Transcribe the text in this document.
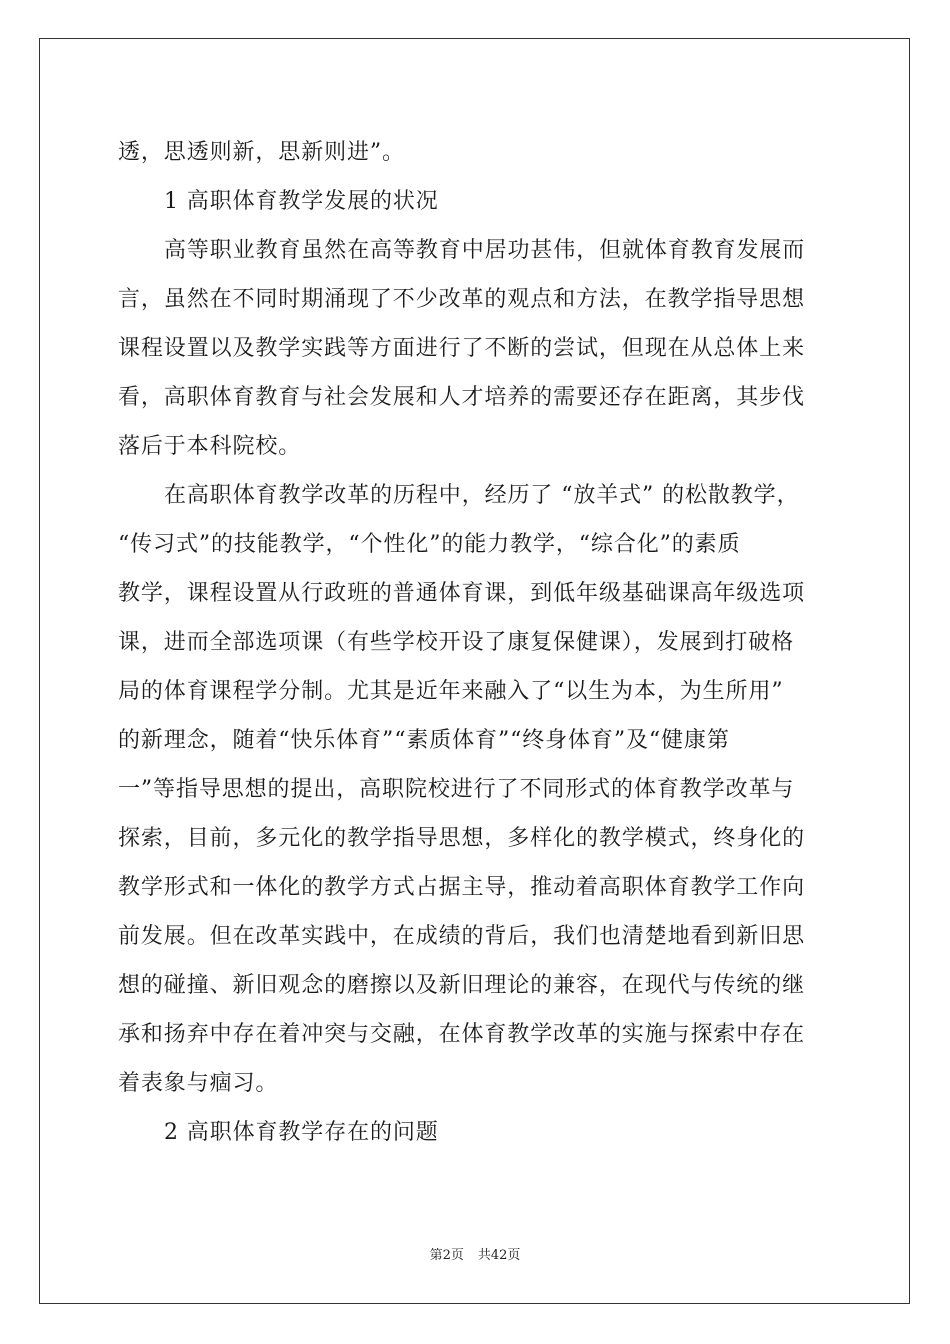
透，思透则新，思新则进”。
1 高职体育教学发展的状况
高等职业教育虽然在高等教育中居功甚伟，但就体育教育发展而
言，虽然在不同时期涌现了不少改革的观点和方法，在教学指导思想
课程设置以及教学实践等方面进行了不断的尝试，但现在从总体上来
看，高职体育教育与社会发展和人才培养的需要还存在距离，其步伐
落后于本科院校。
在高职体育教学改革的历程中，经历了 “放羊式” 的松散教学，
“传习式”的技能教学，“个性化”的能力教学，“综合化”的素质
教学，课程设置从行政班的普通体育课，到低年级基础课高年级选项
课，进而全部选项课（有些学校开设了康复保健课），发展到打破格
局的体育课程学分制。尤其是近年来融入了“以生为本，为生所用”
的新理念，随着“快乐体育”“素质体育”“终身体育”及“健康第
一”等指导思想的提出，高职院校进行了不同形式的体育教学改革与
探索，目前，多元化的教学指导思想，多样化的教学模式，终身化的
教学形式和一体化的教学方式占据主导，推动着高职体育教学工作向
前发展。但在改革实践中，在成绩的背后，我们也清楚地看到新旧思
想的碰撞、新旧观念的磨擦以及新旧理论的兼容，在现代与传统的继
承和扬弃中存在着冲突与交融，在体育教学改革的实施与探索中存在
着表象与痼习。
2 高职体育教学存在的问题
第2页 共42页
